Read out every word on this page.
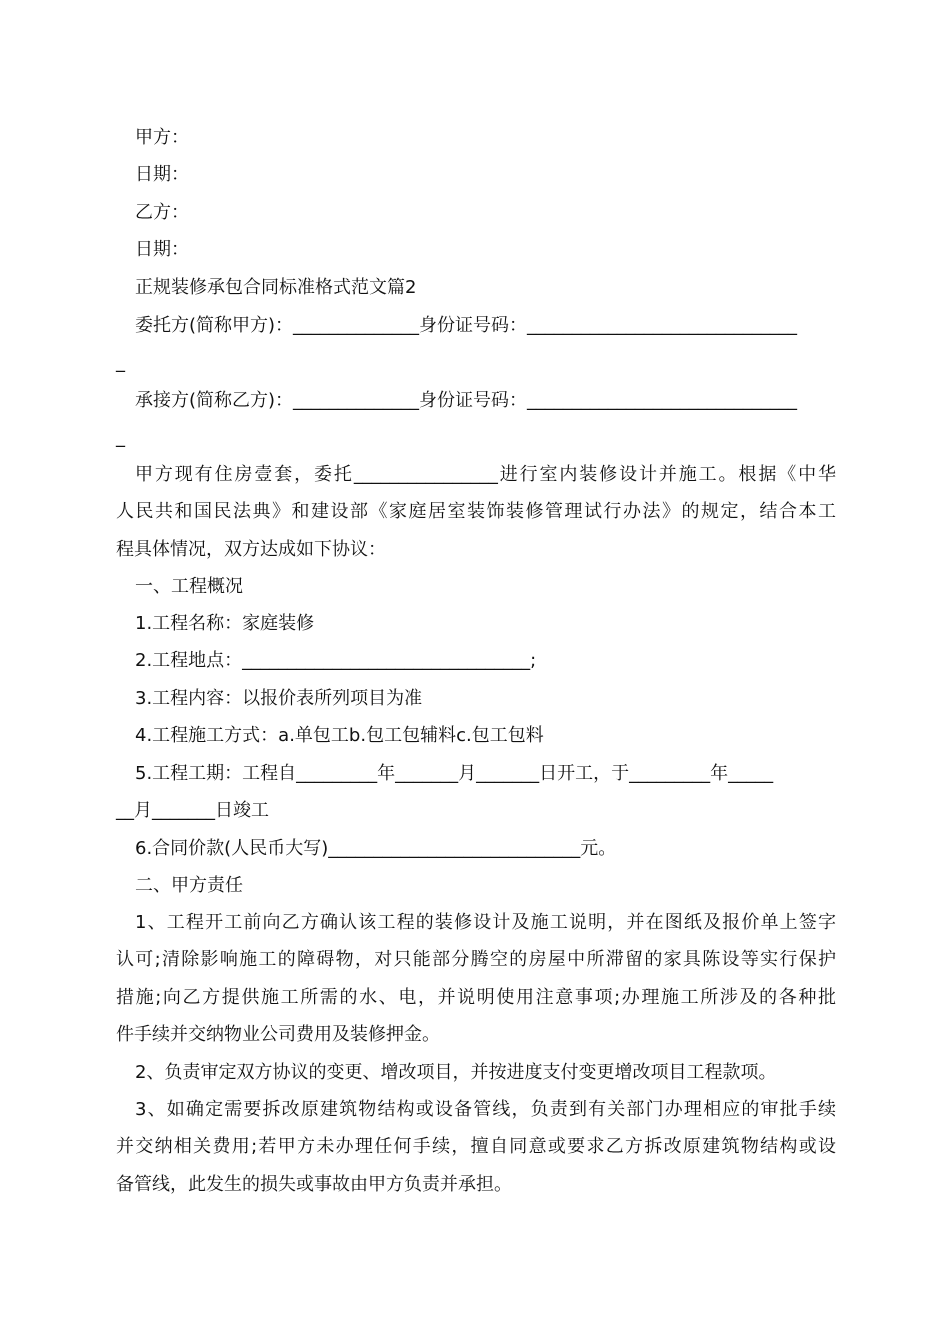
甲方：
日期：
乙方：
日期：
正规装修承包合同标准格式范文篇2
委托方(简称甲方)：______________身份证号码：______________________________
_
承接方(简称乙方)：______________身份证号码：______________________________
_
甲方现有住房壹套，委托________________进行室内装修设计并施工。根据《中华
人民共和国民法典》和建设部《家庭居室装饰装修管理试行办法》的规定，结合本工
程具体情况，双方达成如下协议：
一、工程概况
1.工程名称：家庭装修
2.工程地点：________________________________;
3.工程内容：以报价表所列项目为准
4.工程施工方式：a.单包工b.包工包辅料c.包工包料
5.工程工期：工程自_________年_______月_______日开工，于_________年_____
__月_______日竣工
6.合同价款(人民币大写)____________________________元。
二、甲方责任
1、工程开工前向乙方确认该工程的装修设计及施工说明，并在图纸及报价单上签字
认可;清除影响施工的障碍物，对只能部分腾空的房屋中所滞留的家具陈设等实行保护
措施;向乙方提供施工所需的水、电，并说明使用注意事项;办理施工所涉及的各种批
件手续并交纳物业公司费用及装修押金。
2、负责审定双方协议的变更、增改项目，并按进度支付变更增改项目工程款项。
3、如确定需要拆改原建筑物结构或设备管线，负责到有关部门办理相应的审批手续
并交纳相关费用;若甲方未办理任何手续，擅自同意或要求乙方拆改原建筑物结构或设
备管线，此发生的损失或事故由甲方负责并承担。
